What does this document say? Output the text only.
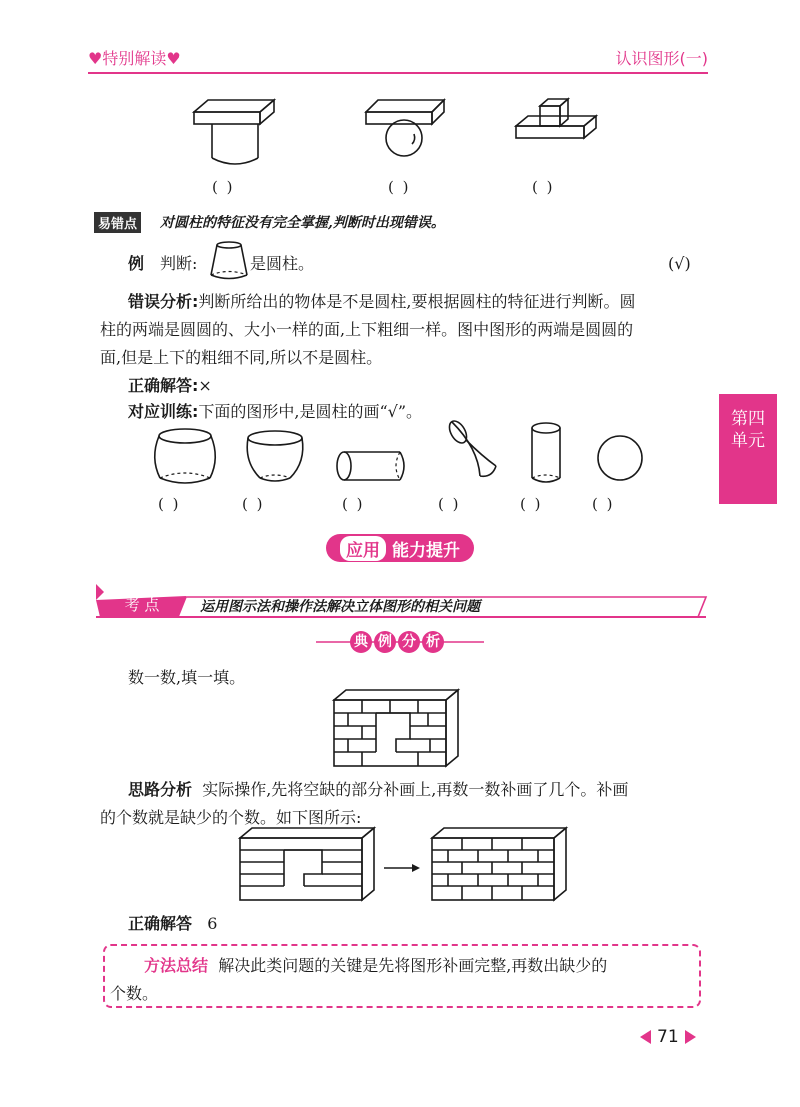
♥特别解读♥	认识图形(一)
( )	( )	( )
易错点 对圆柱的特征没有完全掌握,判断时出现错误。
例 判断:	是圆柱。	(√)
错误分析:判断所给出的物体是不是圆柱,要根据圆柱的特征进行判断。圆
柱的两端是圆圆的、大小一样的面,上下粗细一样。图中图形的两端是圆圆的
面,但是上下的粗细不同,所以不是圆柱。
正确解答:×
对应训练:下面的图形中,是圆柱的画“√”。	第四
单元
( )	( )	( )	( )	( )	( )
应用 能力提升
考 点	运用图示法和操作法解决立体图形的相关问题
典 例 分 析
数一数,填一填。
思路分析 实际操作,先将空缺的部分补画上,再数一数补画了几个。补画
的个数就是缺少的个数。如下图所示:
正确解答 6
方法总结 解决此类问题的关键是先将图形补画完整,再数出缺少的
个数。
71
